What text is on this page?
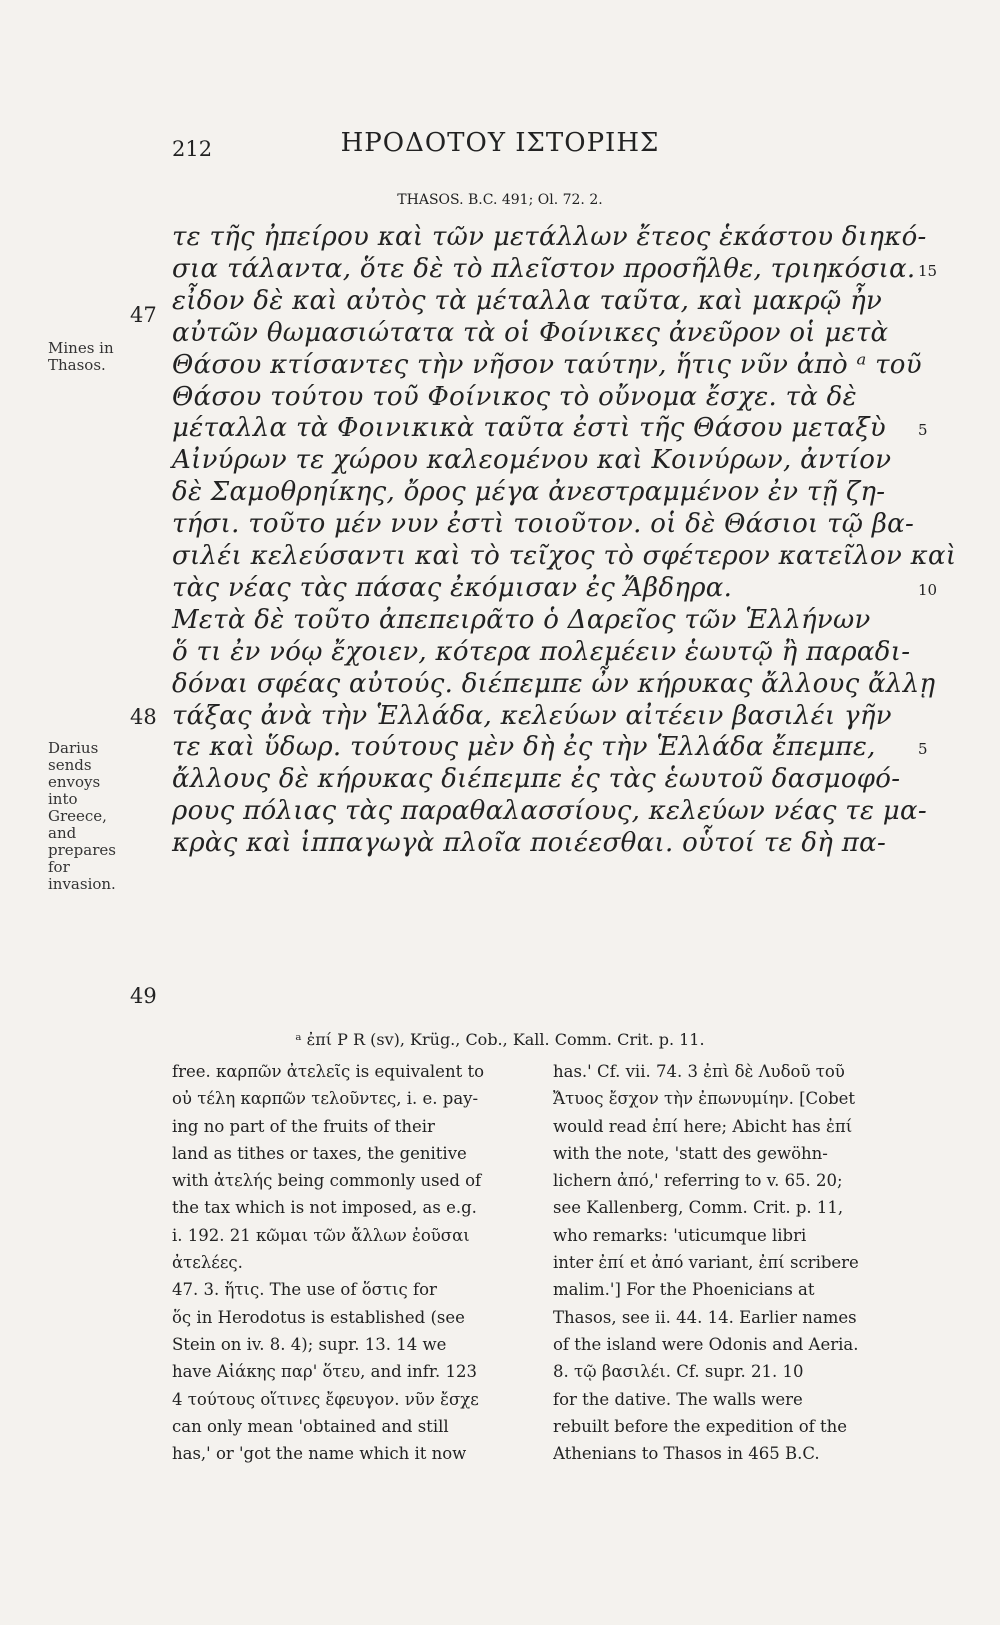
212	ΗΡΟΔΟΤΟΥ ΙΣΤΟΡΙΗΣ
THASOS. B.C. 491; Ol. 72. 2.
τε τῆς ἠπείρου καὶ τῶν μετάλλων ἔτεος ἑκάστου διηκό-
σια τάλαντα, ὅτε δὲ τὸ πλεῖστον προσῆλθε, τριηκόσια. 15
εἶδον δὲ καὶ αὐτὸς τὰ μέταλλα ταῦτα, καὶ μακρῷ ἦν
αὐτῶν θωμασιώτατα τὰ οἱ Φοίνικες ἀνεῦρον οἱ μετὰ
Θάσου κτίσαντες τὴν νῆσον ταύτην, ἥτις νῦν ἀπὸ ᵃ τοῦ
Θάσου τούτου τοῦ Φοίνικος τὸ οὔνομα ἔσχε. τὰ δὲ
μέταλλα τὰ Φοινικικὰ ταῦτα ἐστὶ τῆς Θάσου μεταξὺ	5
Αἰνύρων τε χώρου καλεομένου καὶ Κοινύρων, ἀντίον
δὲ Σαμοθρηίκης, ὄρος μέγα ἀνεστραμμένον ἐν τῇ ζη-
τήσι. τοῦτο μέν νυν ἐστὶ τοιοῦτον. οἱ δὲ Θάσιοι τῷ βα-
σιλέι κελεύσαντι καὶ τὸ τεῖχος τὸ σφέτερον κατεῖλον καὶ
τὰς νέας τὰς πάσας ἐκόμισαν ἐς Ἄβδηρα.	10
Μετὰ δὲ τοῦτο ἀπεπειρᾶτο ὁ Δαρεῖος τῶν Ἑλλήνων
ὅ τι ἐν νόῳ ἔχοιεν, κότερα πολεμέειν ἑωυτῷ ἢ παραδι-
δόναι σφέας αὐτούς. διέπεμπε ὦν κήρυκας ἄλλους ἄλλῃ
τάξας ἀνὰ τὴν Ἑλλάδα, κελεύων αἰτέειν βασιλέι γῆν
τε καὶ ὕδωρ. τούτους μὲν δὴ ἐς τὴν Ἑλλάδα ἔπεμπε,	5
ἄλλους δὲ κήρυκας διέπεμπε ἐς τὰς ἑωυτοῦ δασμοφό-
ρους πόλιας τὰς παραθαλασσίους, κελεύων νέας τε μα-
κρὰς καὶ ἱππαγωγὰ πλοῖα ποιέεσθαι. οὗτοί τε δὴ πα-
47
48
49
Mines in Thasos.
Darius sends envoys into Greece, and prepares for invasion.
ᵃ ἐπί P R (sv), Krüg., Cob., Kall. Comm. Crit. p. 11.
free. καρπῶν ἀτελεῖς is equivalent to
οὐ τέλη καρπῶν τελοῦντες, i. e. pay-
ing no part of the fruits of their
land as tithes or taxes, the genitive
with ἀτελής being commonly used of
the tax which is not imposed, as e.g.
i. 192. 21 κῶμαι τῶν ἄλλων ἐοῦσαι
ἀτελέες.
47. 3. ἥτις. The use of ὅστις for
ὅς in Herodotus is established (see
Stein on iv. 8. 4); supr. 13. 14 we
have Αἰάκης παρ' ὅτευ, and infr. 123
4 τούτους οἵτινες ἔφευγον. νῦν ἔσχε
can only mean 'obtained and still
has,' or 'got the name which it now
has.' Cf. vii. 74. 3 ἐπὶ δὲ Λυδοῦ τοῦ
Ἄτυος ἔσχον τὴν ἐπωνυμίην. [Cobet
would read ἐπί here; Abicht has ἐπί
with the note, 'statt des gewöhn-
lichern ἀπό,' referring to v. 65. 20;
see Kallenberg, Comm. Crit. p. 11,
who remarks: 'uticumque libri
inter ἐπί et ἀπό variant, ἐπί scribere
malim.'] For the Phoenicians at
Thasos, see ii. 44. 14. Earlier names
of the island were Odonis and Aeria.
8. τῷ βασιλέι. Cf. supr. 21. 10
for the dative. The walls were
rebuilt before the expedition of the
Athenians to Thasos in 465 B.C.
